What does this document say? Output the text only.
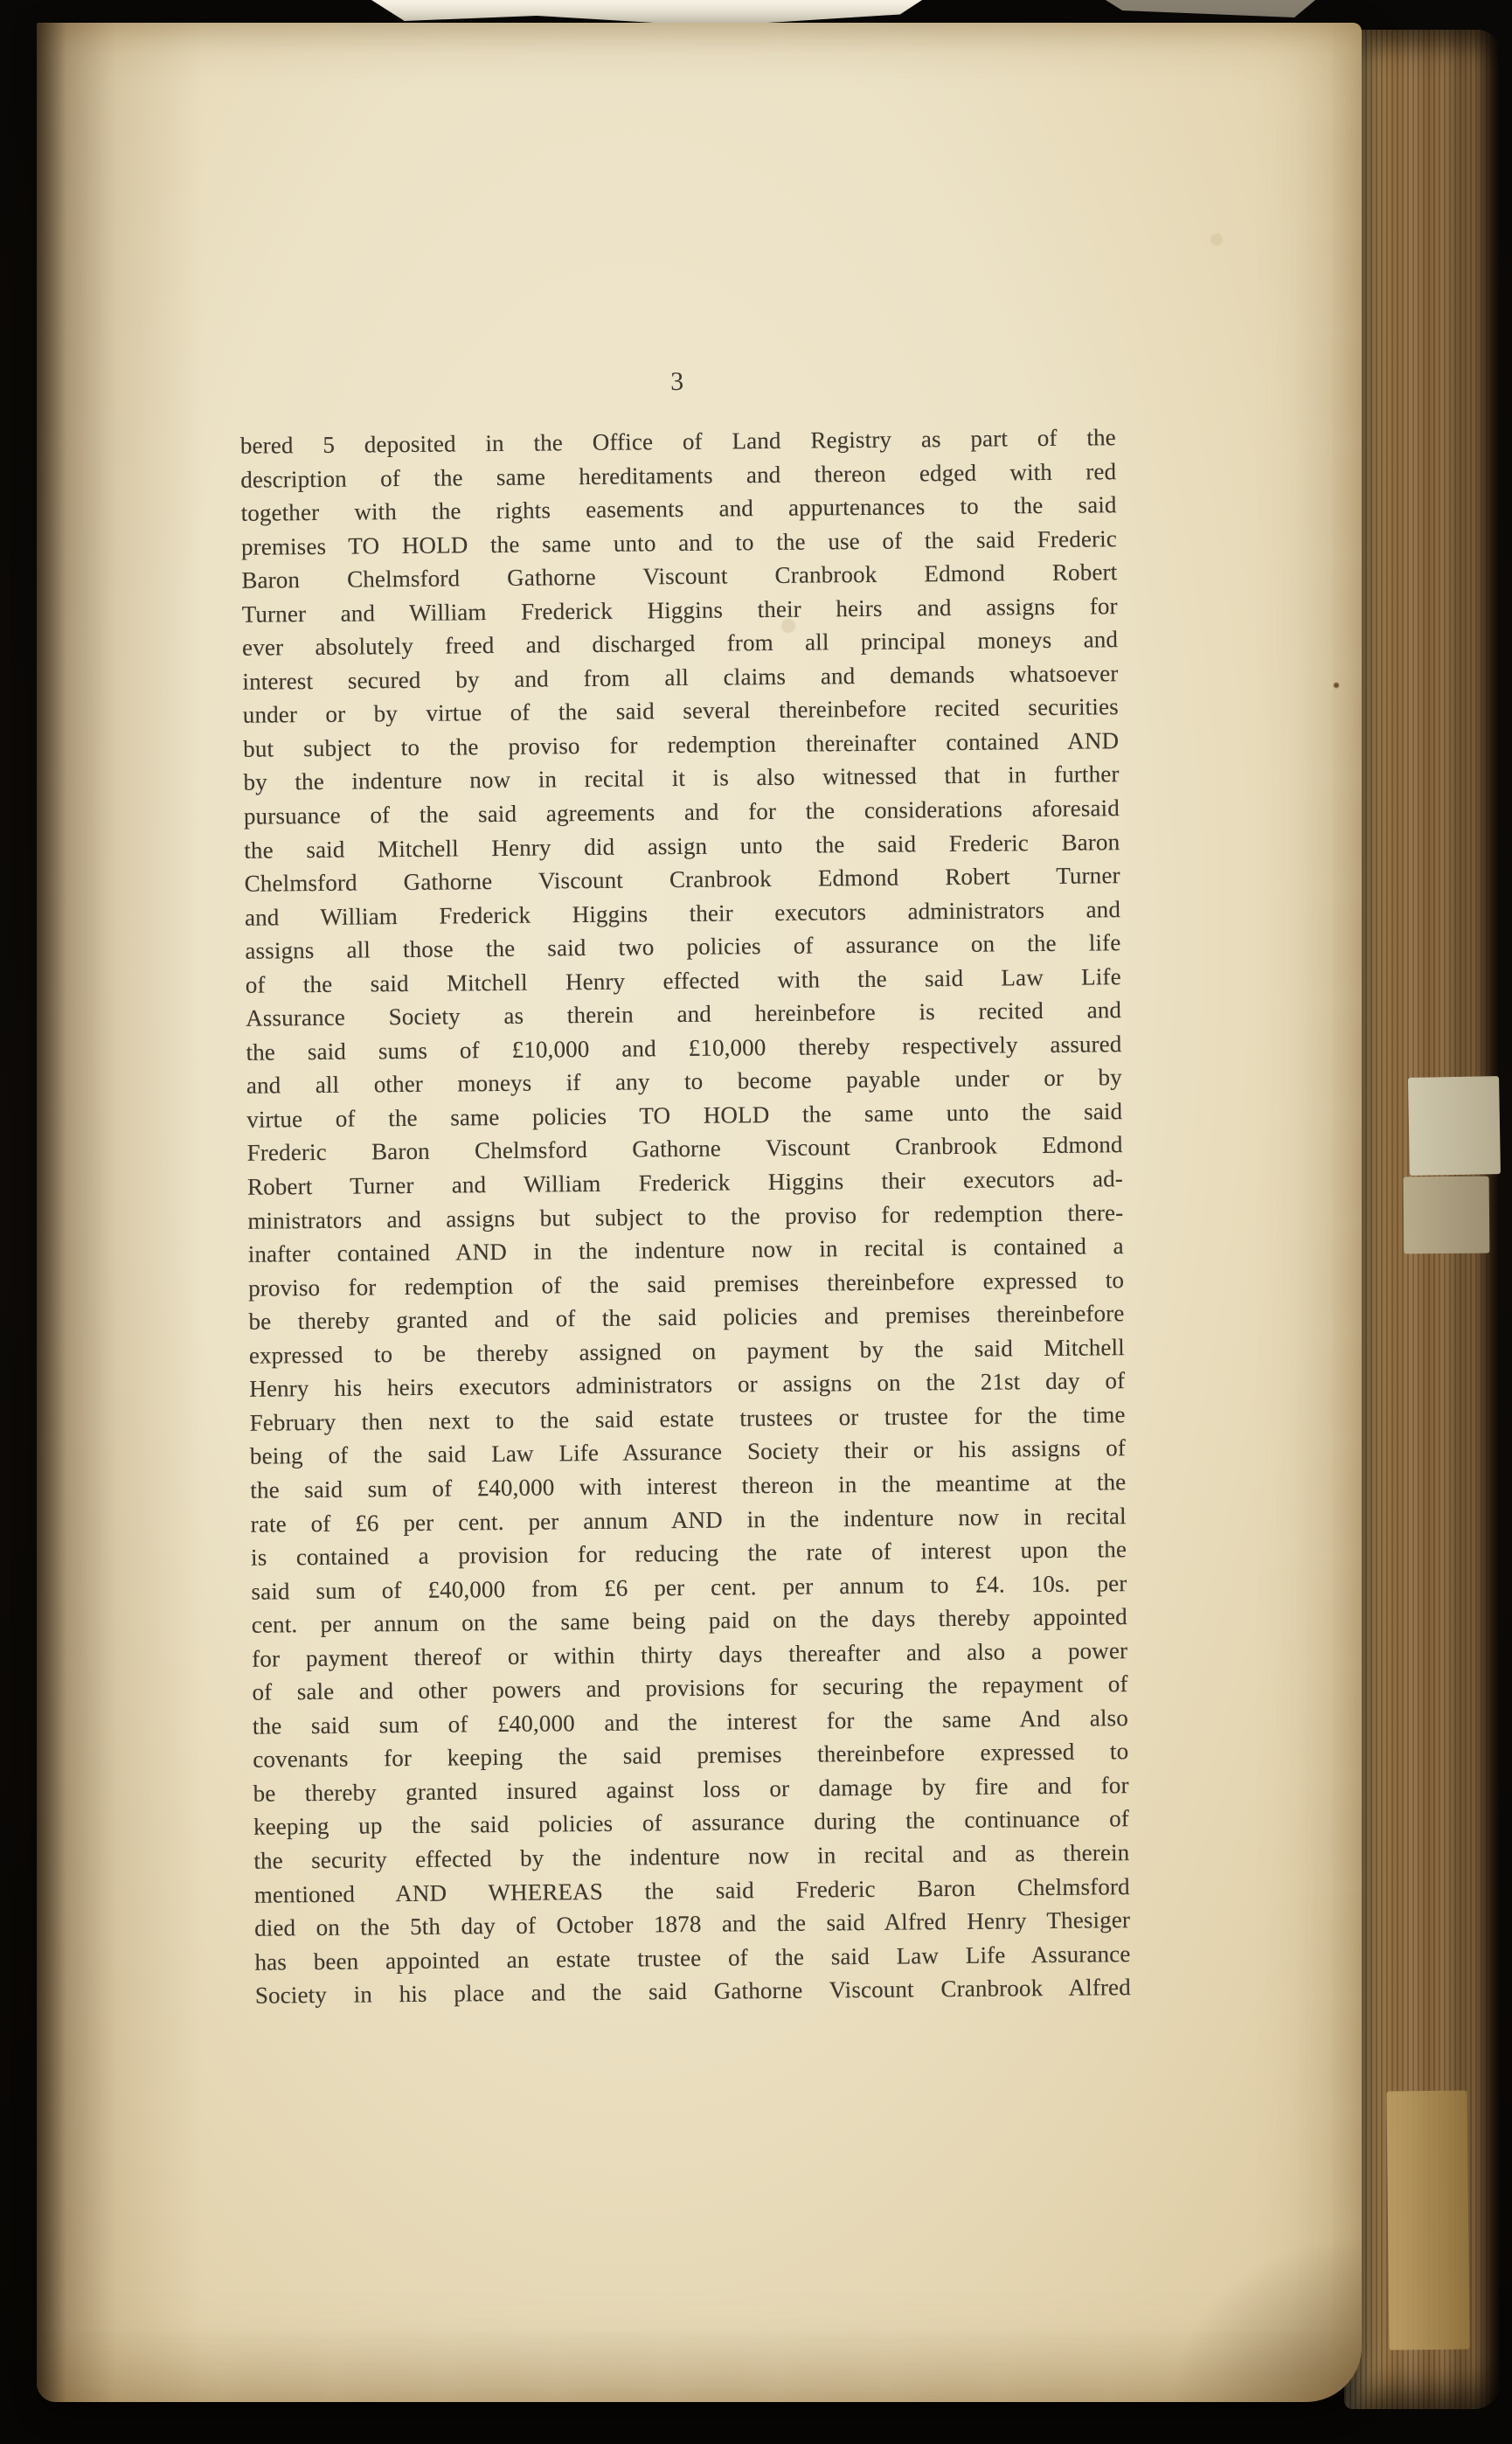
3
bered 5 deposited in the Office of Land Registry as part of the
description of the same hereditaments and thereon edged with red
together with the rights easements and appurtenances to the said
premises TO HOLD the same unto and to the use of the said Frederic
Baron Chelmsford Gathorne Viscount Cranbrook Edmond Robert
Turner and William Frederick Higgins their heirs and assigns for
ever absolutely freed and discharged from all principal moneys and
interest secured by and from all claims and demands whatsoever
under or by virtue of the said several thereinbefore recited securities
but subject to the proviso for redemption thereinafter contained AND
by the indenture now in recital it is also witnessed that in further
pursuance of the said agreements and for the considerations aforesaid
the said Mitchell Henry did assign unto the said Frederic Baron
Chelmsford Gathorne Viscount Cranbrook Edmond Robert Turner
and William Frederick Higgins their executors administrators and
assigns all those the said two policies of assurance on the life
of the said Mitchell Henry effected with the said Law Life
Assurance Society as therein and hereinbefore is recited and
the said sums of £10,000 and £10,000 thereby respectively assured
and all other moneys if any to become payable under or by
virtue of the same policies TO HOLD the same unto the said
Frederic Baron Chelmsford Gathorne Viscount Cranbrook Edmond
Robert Turner and William Frederick Higgins their executors ad-
ministrators and assigns but subject to the proviso for redemption there-
inafter contained AND in the indenture now in recital is contained a
proviso for redemption of the said premises thereinbefore expressed to
be thereby granted and of the said policies and premises thereinbefore
expressed to be thereby assigned on payment by the said Mitchell
Henry his heirs executors administrators or assigns on the 21st day of
February then next to the said estate trustees or trustee for the time
being of the said Law Life Assurance Society their or his assigns of
the said sum of £40,000 with interest thereon in the meantime at the
rate of £6 per cent. per annum AND in the indenture now in recital
is contained a provision for reducing the rate of interest upon the
said sum of £40,000 from £6 per cent. per annum to £4. 10s. per
cent. per annum on the same being paid on the days thereby appointed
for payment thereof or within thirty days thereafter and also a power
of sale and other powers and provisions for securing the repayment of
the said sum of £40,000 and the interest for the same And also
covenants for keeping the said premises thereinbefore expressed to
be thereby granted insured against loss or damage by fire and for
keeping up the said policies of assurance during the continuance of
the security effected by the indenture now in recital and as therein
mentioned AND WHEREAS the said Frederic Baron Chelmsford
died on the 5th day of October 1878 and the said Alfred Henry Thesiger
has been appointed an estate trustee of the said Law Life Assurance
Society in his place and the said Gathorne Viscount Cranbrook Alfred
